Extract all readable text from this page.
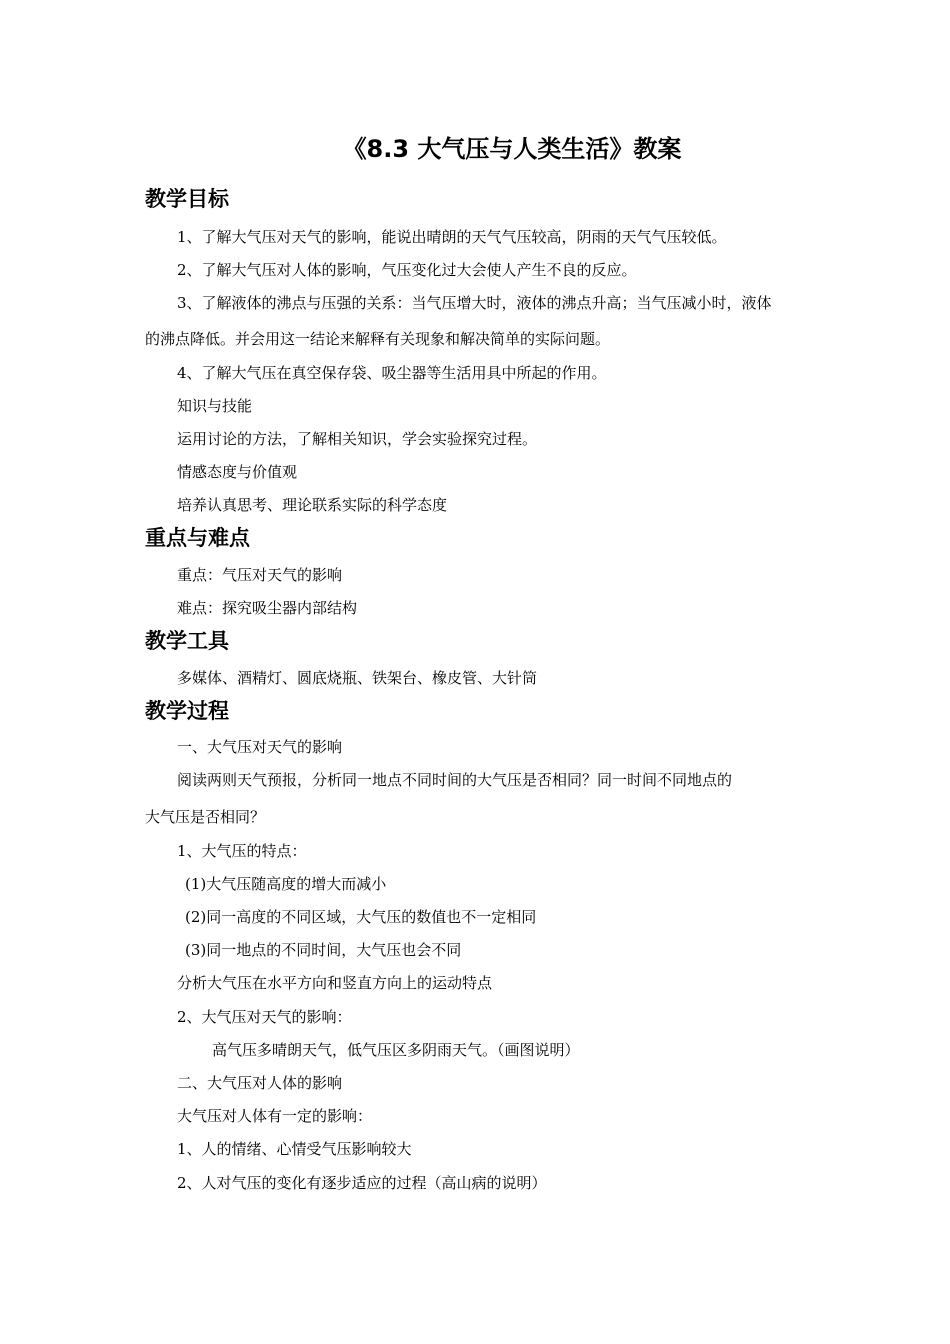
《8.3 大气压与人类生活》教案
教学目标
1、了解大气压对天气的影响，能说出晴朗的天气气压较高，阴雨的天气气压较低。
2、了解大气压对人体的影响，气压变化过大会使人产生不良的反应。
3、了解液体的沸点与压强的关系：当气压增大时，液体的沸点升高；当气压减小时，液体
的沸点降低。并会用这一结论来解释有关现象和解决简单的实际问题。
4、了解大气压在真空保存袋、吸尘器等生活用具中所起的作用。
知识与技能
运用讨论的方法，了解相关知识，学会实验探究过程。
情感态度与价值观
培养认真思考、理论联系实际的科学态度
重点与难点
重点：气压对天气的影响
难点：探究吸尘器内部结构
教学工具
多媒体、酒精灯、圆底烧瓶、铁架台、橡皮管、大针筒
教学过程
一、大气压对天气的影响
阅读两则天气预报，分析同一地点不同时间的大气压是否相同？同一时间不同地点的
大气压是否相同？
1、大气压的特点：
(1)大气压随高度的增大而减小
(2)同一高度的不同区域，大气压的数值也不一定相同
(3)同一地点的不同时间，大气压也会不同
分析大气压在水平方向和竖直方向上的运动特点
2、大气压对天气的影响：
高气压多晴朗天气，低气压区多阴雨天气。（画图说明）
二、大气压对人体的影响
大气压对人体有一定的影响：
1、人的情绪、心情受气压影响较大
2、人对气压的变化有逐步适应的过程（高山病的说明）
